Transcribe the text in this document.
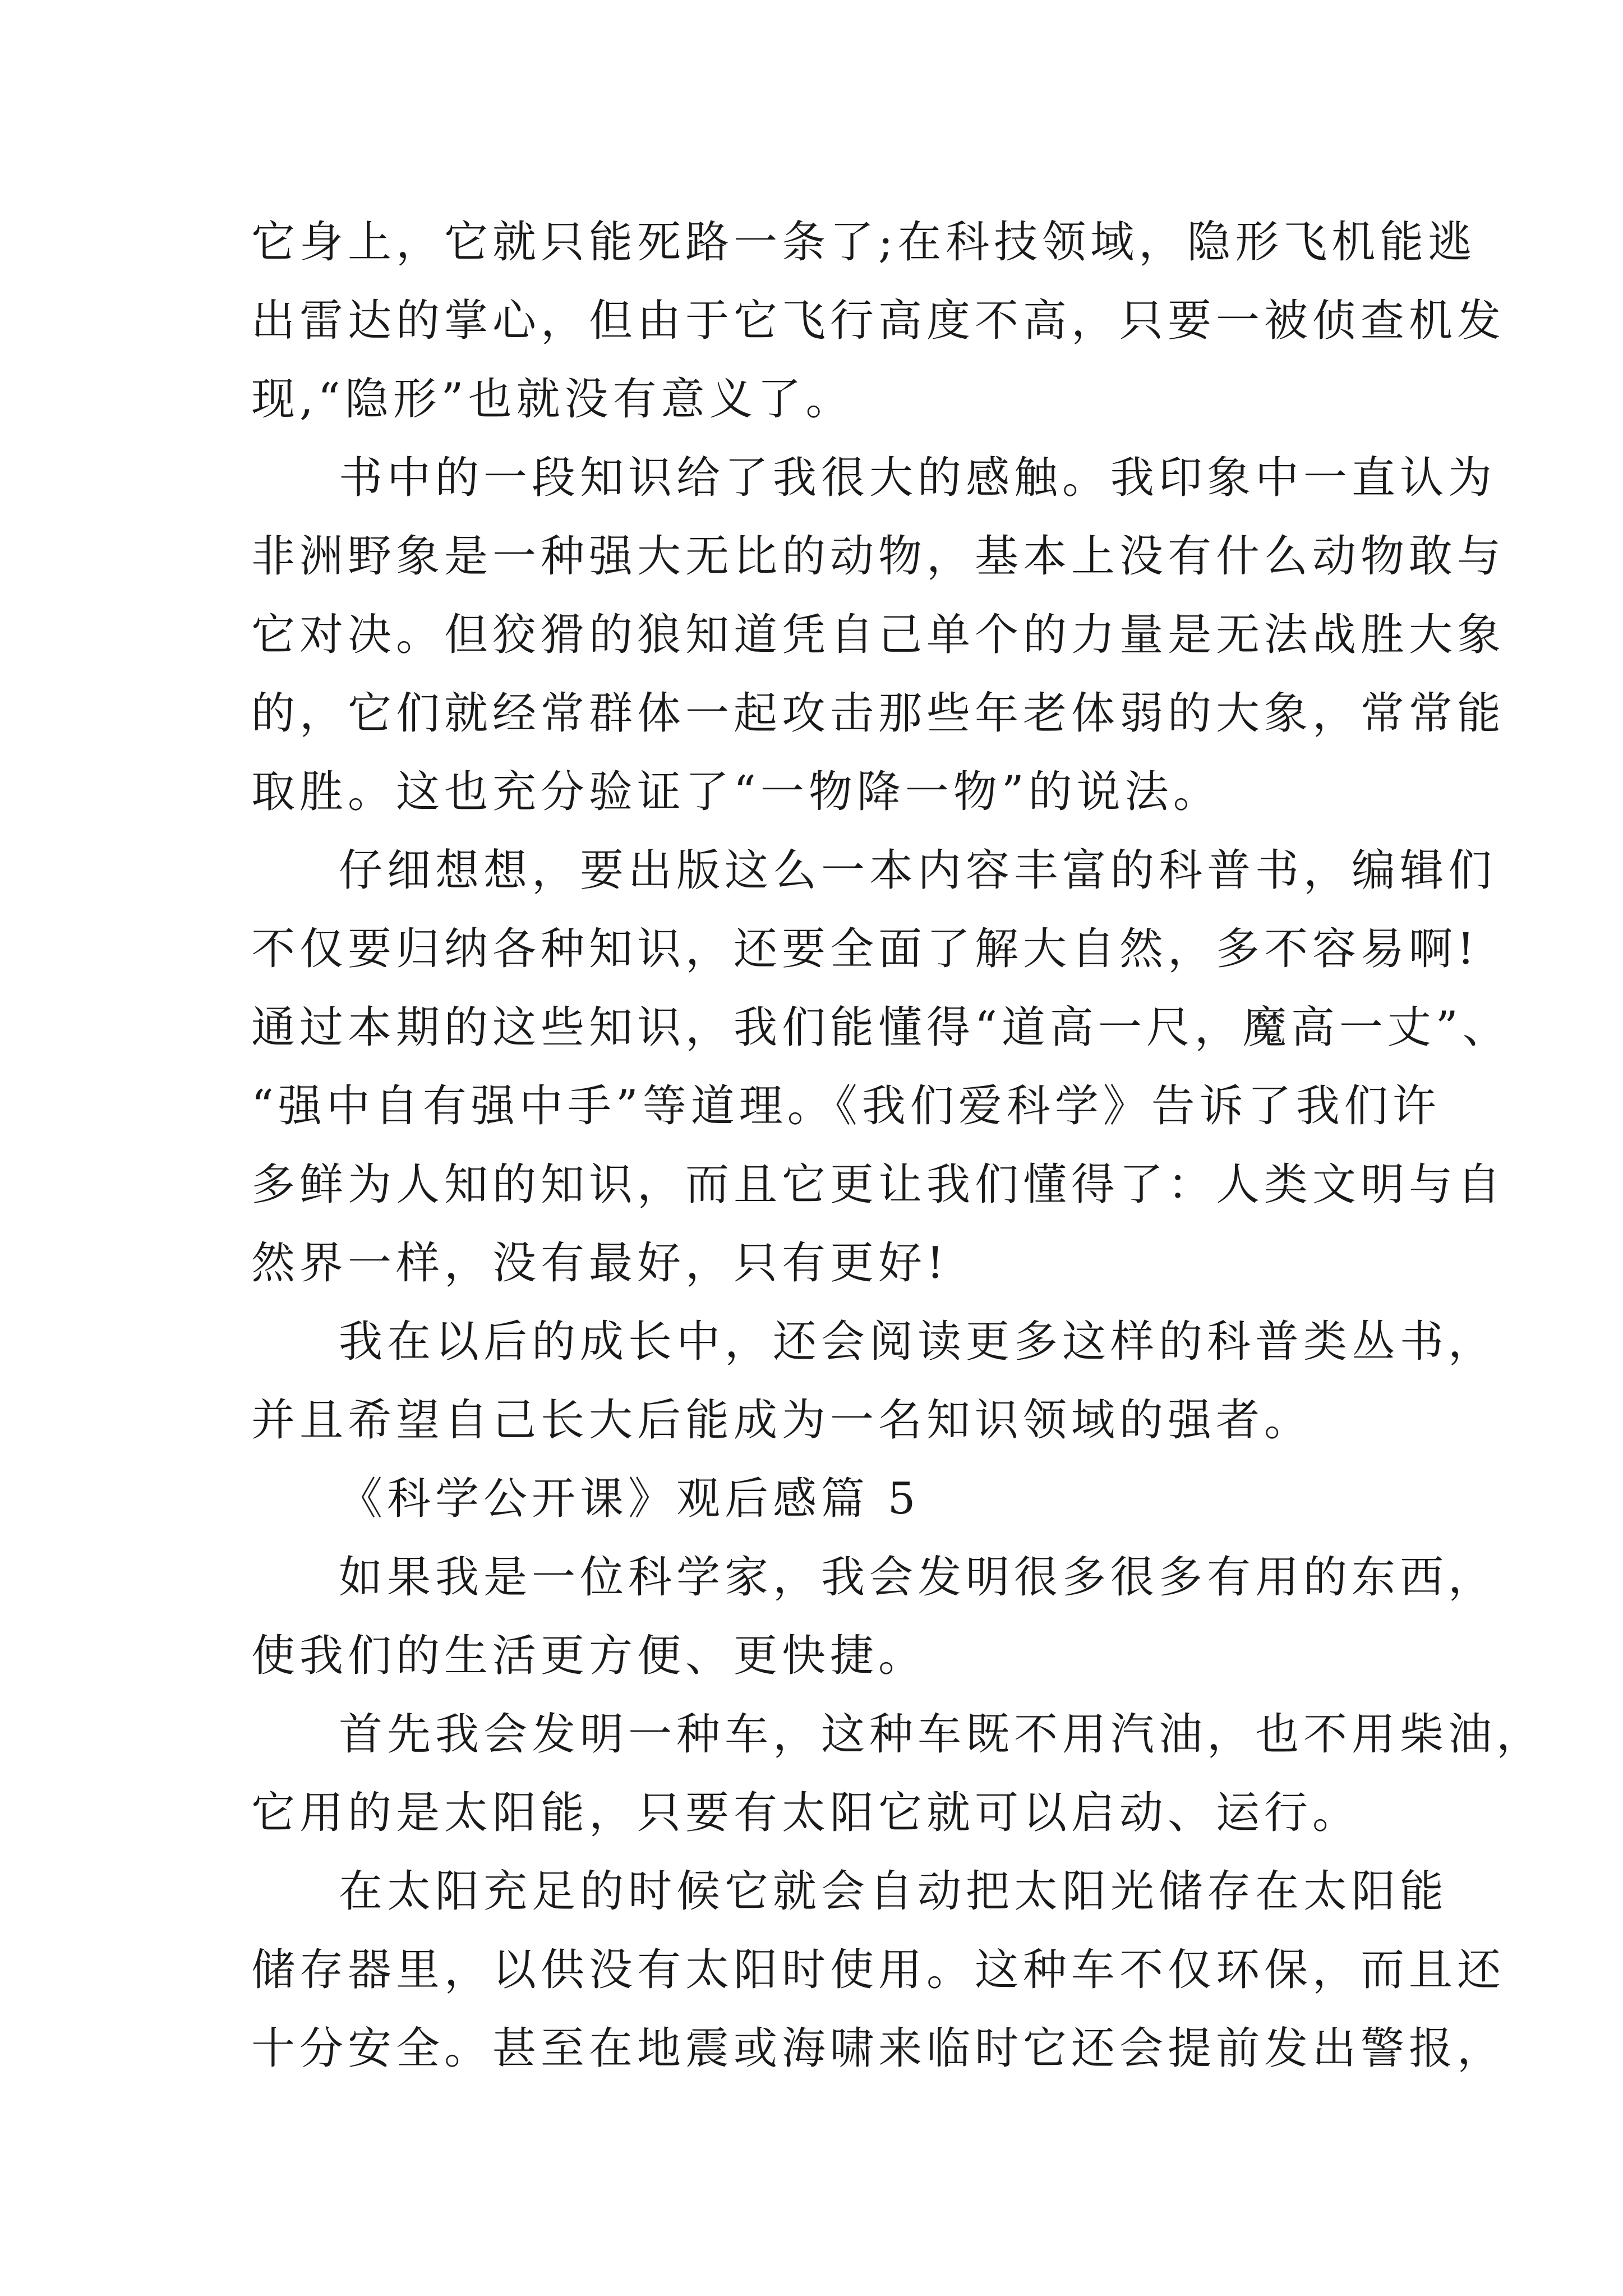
它身上，它就只能死路一条了;在科技领域，隐形飞机能逃
出雷达的掌心，但由于它飞行高度不高，只要一被侦查机发
现,“隐形”也就没有意义了。
书中的一段知识给了我很大的感触。我印象中一直认为
非洲野象是一种强大无比的动物，基本上没有什么动物敢与
它对决。但狡猾的狼知道凭自己单个的力量是无法战胜大象
的，它们就经常群体一起攻击那些年老体弱的大象，常常能
取胜。这也充分验证了“一物降一物”的说法。
仔细想想，要出版这么一本内容丰富的科普书，编辑们
不仅要归纳各种知识，还要全面了解大自然，多不容易啊!
通过本期的这些知识，我们能懂得“道高一尺，魔高一丈”、
“强中自有强中手”等道理。《我们爱科学》告诉了我们许
多鲜为人知的知识，而且它更让我们懂得了：人类文明与自
然界一样，没有最好，只有更好!
我在以后的成长中，还会阅读更多这样的科普类丛书，
并且希望自己长大后能成为一名知识领域的强者。
《科学公开课》观后感篇 5
如果我是一位科学家，我会发明很多很多有用的东西，
使我们的生活更方便、更快捷。
首先我会发明一种车，这种车既不用汽油，也不用柴油，
它用的是太阳能，只要有太阳它就可以启动、运行。
在太阳充足的时候它就会自动把太阳光储存在太阳能
储存器里，以供没有太阳时使用。这种车不仅环保，而且还
十分安全。甚至在地震或海啸来临时它还会提前发出警报，
